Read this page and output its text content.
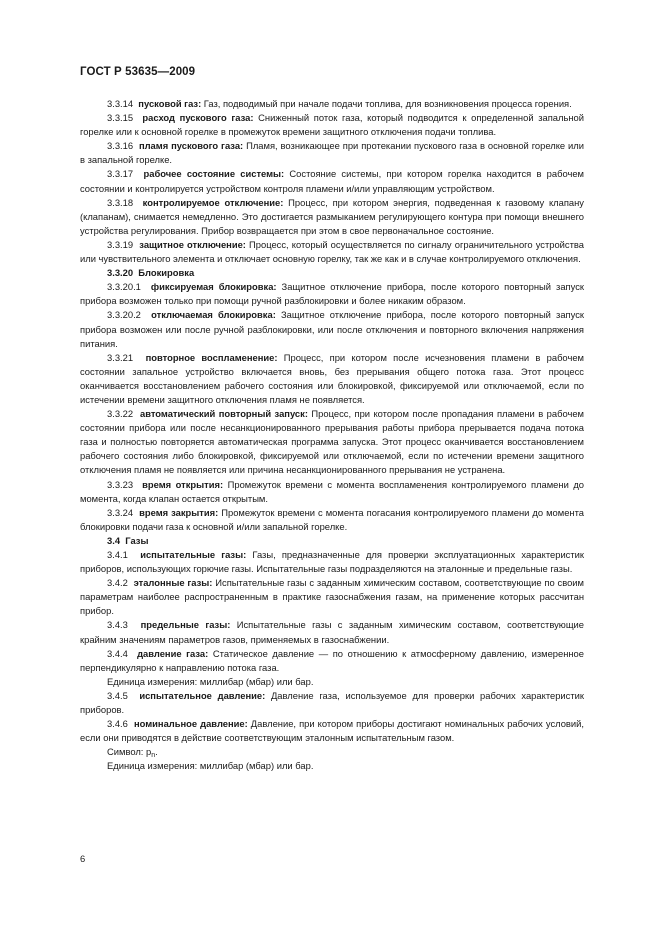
ГОСТ Р 53635—2009

3.3.14 пусковой газ: Газ, подводимый при начале подачи топлива, для возникновения процесса горения.

3.3.15 расход пускового газа: Сниженный поток газа, который подводится к определенной запальной горелке или к основной горелке в промежуток времени защитного отключения подачи топлива.

3.3.16 пламя пускового газа: Пламя, возникающее при протекании пускового газа в основной горелке или в запальной горелке.

3.3.17 рабочее состояние системы: Состояние системы, при котором горелка находится в рабочем состоянии и контролируется устройством контроля пламени и/или управляющим устройством.

3.3.18 контролируемое отключение: Процесс, при котором энергия, подведенная к газовому клапану (клапанам), снимается немедленно. Это достигается размыканием регулирующего контура при помощи внешнего устройства регулирования. Прибор возвращается при этом в свое первоначальное состояние.

3.3.19 защитное отключение: Процесс, который осуществляется по сигналу ограничительного устройства или чувствительного элемента и отключает основную горелку, так же как и в случае контролируемого отключения.

3.3.20 Блокировка

3.3.20.1 фиксируемая блокировка: Защитное отключение прибора, после которого повторный запуск прибора возможен только при помощи ручной разблокировки и более никаким образом.

3.3.20.2 отключаемая блокировка: Защитное отключение прибора, после которого повторный запуск прибора возможен или после ручной разблокировки, или после отключения и повторного включения напряжения питания.

3.3.21 повторное воспламенение: Процесс, при котором после исчезновения пламени в рабочем состоянии запальное устройство включается вновь, без прерывания общего потока газа. Этот процесс оканчивается восстановлением рабочего состояния или блокировкой, фиксируемой или отключаемой, если по истечении времени защитного отключения пламя не появляется.

3.3.22 автоматический повторный запуск: Процесс, при котором после пропадания пламени в рабочем состоянии прибора или после несанкционированного прерывания работы прибора прерывается подача потока газа и полностью повторяется автоматическая программа запуска. Этот процесс оканчивается восстановлением рабочего состояния либо блокировкой, фиксируемой или отключаемой, если по истечении времени защитного отключения пламя не появляется или причина несанкционированного прерывания не устранена.

3.3.23 время открытия: Промежуток времени с момента воспламенения контролируемого пламени до момента, когда клапан остается открытым.

3.3.24 время закрытия: Промежуток времени с момента погасания контролируемого пламени до момента блокировки подачи газа к основной и/или запальной горелке.

3.4 Газы

3.4.1 испытательные газы: Газы, предназначенные для проверки эксплуатационных характеристик приборов, использующих горючие газы. Испытательные газы подразделяются на эталонные и предельные газы.

3.4.2 эталонные газы: Испытательные газы с заданным химическим составом, соответствующие по своим параметрам наиболее распространенным в практике газоснабжения газам, на применение которых рассчитан прибор.

3.4.3 предельные газы: Испытательные газы с заданным химическим составом, соответствующие крайним значениям параметров газов, применяемых в газоснабжении.

3.4.4 давление газа: Статическое давление — по отношению к атмосферному давлению, измеренное перпендикулярно к направлению потока газа.

Единица измерения: миллибар (мбар) или бар.

3.4.5 испытательное давление: Давление газа, используемое для проверки рабочих характеристик приборов.

3.4.6 номинальное давление: Давление, при котором приборы достигают номинальных рабочих условий, если они приводятся в действие соответствующим эталонным испытательным газом.

Символ: $p_n$.

Единица измерения: миллибар (мбар) или бар.

6
